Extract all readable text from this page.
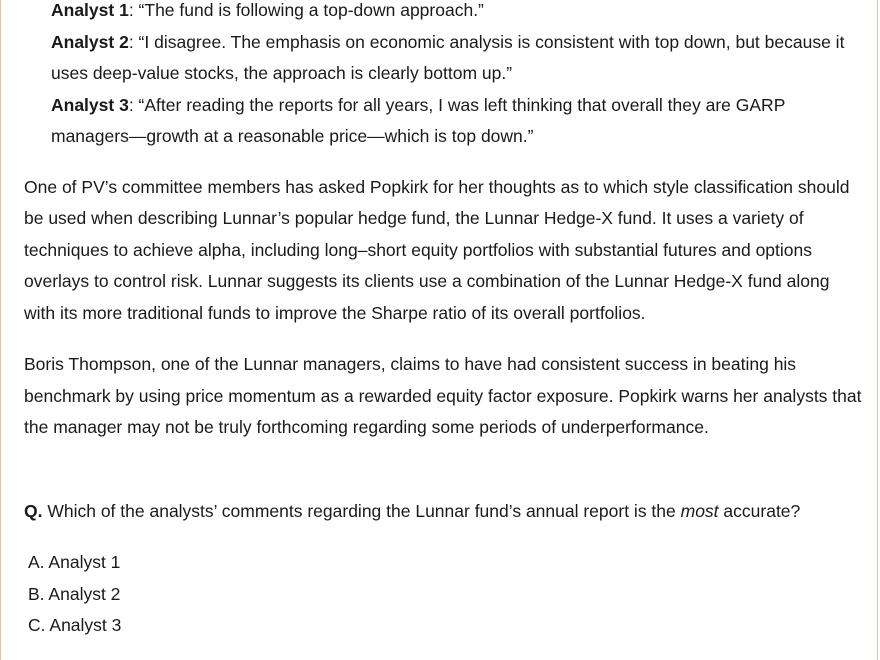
Analyst 1: “The fund is following a top-down approach.”

Analyst 2: “I disagree. The emphasis on economic analysis is consistent with top down, but because it uses deep-value stocks, the approach is clearly bottom up.”

Analyst 3: “After reading the reports for all years, I was left thinking that overall they are GARP managers—growth at a reasonable price—which is top down.”

One of PV’s committee members has asked Popkirk for her thoughts as to which style classification should be used when describing Lunnar’s popular hedge fund, the Lunnar Hedge-X fund. It uses a variety of techniques to achieve alpha, including long–short equity portfolios with substantial futures and options overlays to control risk. Lunnar suggests its clients use a combination of the Lunnar Hedge-X fund along with its more traditional funds to improve the Sharpe ratio of its overall portfolios.

Boris Thompson, one of the Lunnar managers, claims to have had consistent success in beating his benchmark by using price momentum as a rewarded equity factor exposure. Popkirk warns her analysts that the manager may not be truly forthcoming regarding some periods of underperformance.

Q. Which of the analysts’ comments regarding the Lunnar fund’s annual report is the most accurate?
A. Analyst 1
B. Analyst 2
C. Analyst 3
